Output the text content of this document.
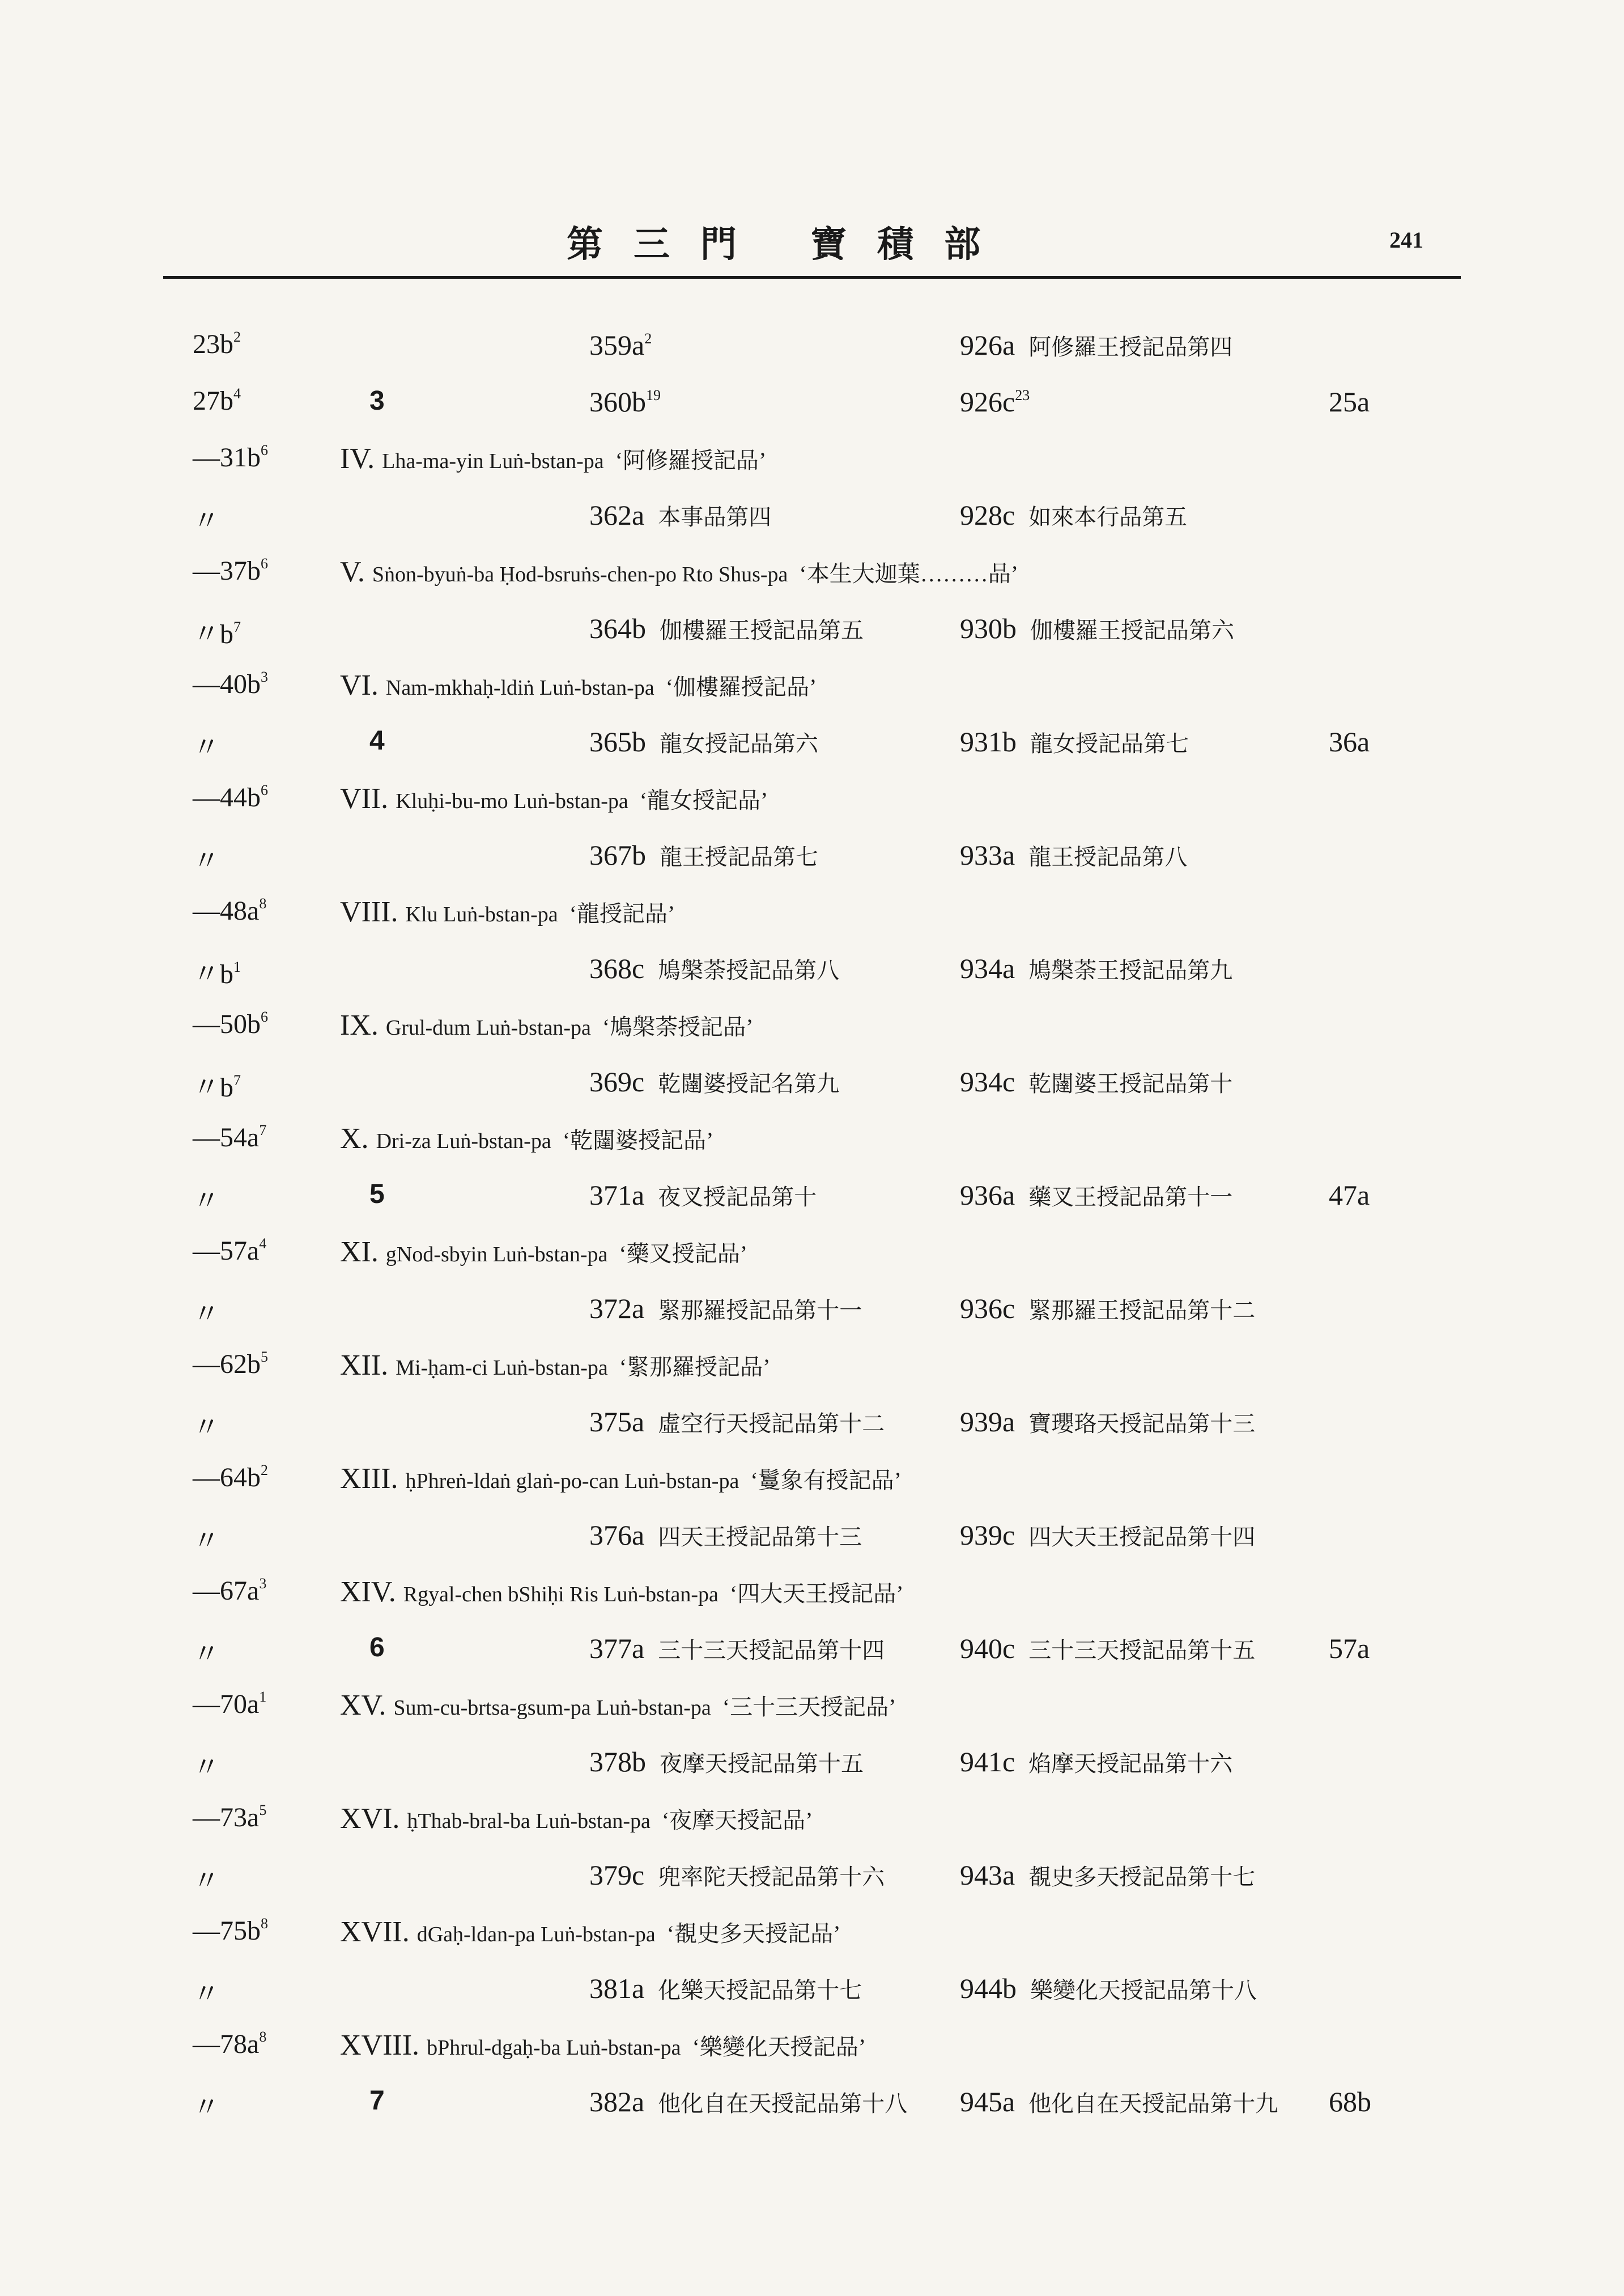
第三門 寶積部	241
$23b^2$	$359a^2$	926a 阿修羅王授記品第四
$27b^4$	3	$360b^{19}$	$926c^{23}$	25a
$—31b^6$ IV. Lha-ma-yin Luṅ-bstan-pa ‘阿修羅授記品’
〃	362a 本事品第四	928c 如來本行品第五
$—37b^6$ V. Sṅon-byuṅ-ba Ḥod-bsruṅs-chen-po Rto Shus-pa ‘本生大迦葉………品’
〃$b^7$	364b 伽樓羅王授記品第五	930b 伽樓羅王授記品第六
$—40b^3$ VI. Nam-mkhaḥ-ldiṅ Luṅ-bstan-pa ‘伽樓羅授記品’
〃	4	365b 龍女授記品第六	931b 龍女授記品第七	36a
$—44b^6$ VII. Kluḥi-bu-mo Luṅ-bstan-pa ‘龍女授記品’
〃	367b 龍王授記品第七	933a 龍王授記品第八
$—48a^8$ VIII. Klu Luṅ-bstan-pa ‘龍授記品’
〃$b^1$	368c 鳩槃荼授記品第八	934a 鳩槃荼王授記品第九
$—50b^6$ IX. Grul-dum Luṅ-bstan-pa ‘鳩槃荼授記品’
〃$b^7$	369c 乾闥婆授記名第九	934c 乾闥婆王授記品第十
$—54a^7$ X. Dri-za Luṅ-bstan-pa ‘乾闥婆授記品’
〃	5	371a 夜叉授記品第十	936a 藥叉王授記品第十一	47a
$—57a^4$ XI. gNod-sbyin Luṅ-bstan-pa ‘藥叉授記品’
〃	372a 緊那羅授記品第十一	936c 緊那羅王授記品第十二
$—62b^5$ XII. Mi-ḥam-ci Luṅ-bstan-pa ‘緊那羅授記品’
〃	375a 虛空行天授記品第十二	939a 寶瓔珞天授記品第十三
$—64b^2$ XIII. ḥPhreṅ-ldaṅ glaṅ-po-can Luṅ-bstan-pa ‘鬘象有授記品’
〃	376a 四天王授記品第十三	939c 四大天王授記品第十四
$—67a^3$ XIV. Rgyal-chen bShiḥi Ris Luṅ-bstan-pa ‘四大天王授記品’
〃	6	377a 三十三天授記品第十四	940c 三十三天授記品第十五	57a
$—70a^1$ XV. Sum-cu-brtsa-gsum-pa Luṅ-bstan-pa ‘三十三天授記品’
〃	378b 夜摩天授記品第十五	941c 焰摩天授記品第十六
$—73a^5$ XVI. ḥThab-bral-ba Luṅ-bstan-pa ‘夜摩天授記品’
〃	379c 兜率陀天授記品第十六	943a 覩史多天授記品第十七
$—75b^8$ XVII. dGaḥ-ldan-pa Luṅ-bstan-pa ‘覩史多天授記品’
〃	381a 化樂天授記品第十七	944b 樂變化天授記品第十八
$—78a^8$ XVIII. bPhrul-dgaḥ-ba Luṅ-bstan-pa ‘樂變化天授記品’
〃	7	382a 他化自在天授記品第十八 945a 他化自在天授記品第十九 68b
